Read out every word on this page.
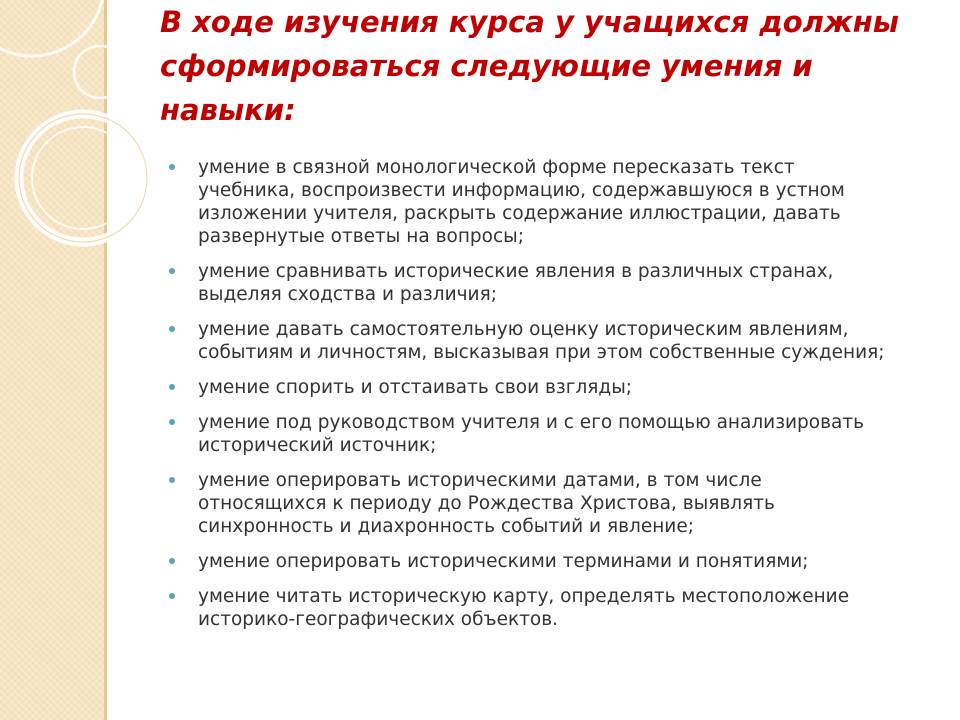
В ходе изучения курса у учащихся должны сформироваться следующие умения и навыки:
умение в связной монологической форме пересказать текст
учебника, воспроизвести информацию, содержавшуюся в устном
изложении учителя, раскрыть содержание иллюстрации, давать
развернутые ответы на вопросы;
умение сравнивать исторические явления в различных странах,
выделяя сходства и различия;
умение давать самостоятельную оценку историческим явлениям,
событиям и личностям, высказывая при этом собственные суждения;
умение спорить и отстаивать свои взгляды;
умение под руководством учителя и с его помощью анализировать
исторический источник;
умение оперировать историческими датами, в том числе
относящихся к периоду до Рождества Христова, выявлять
синхронность и диахронность событий и явление;
умение оперировать историческими терминами и понятиями;
умение читать историческую карту, определять местоположение
историко-географических объектов.
